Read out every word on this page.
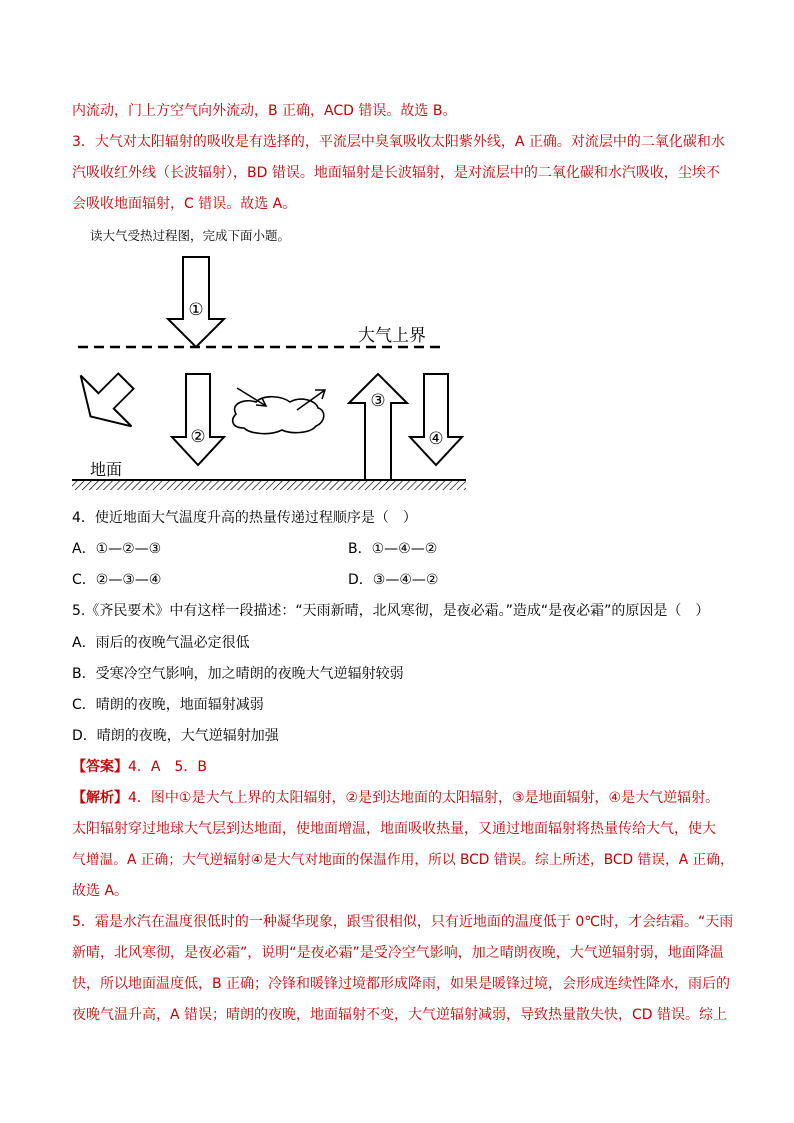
内流动，门上方空气向外流动，B 正确，ACD 错误。故选 B。
3．大气对太阳辐射的吸收是有选择的，平流层中臭氧吸收太阳紫外线，A 正确。对流层中的二氧化碳和水
汽吸收红外线（长波辐射），BD 错误。地面辐射是长波辐射，是对流层中的二氧化碳和水汽吸收，尘埃不
会吸收地面辐射，C 错误。故选 A。
读大气受热过程图，完成下面小题。
大气上界
①
②
③
④
地面
4．使近地面大气温度升高的热量传递过程顺序是（　）
A．①—②—③	B．①—④—②
C．②—③—④	D．③—④—②
5.《齐民要术》中有这样一段描述：“天雨新晴，北风寒彻，是夜必霜。”造成“是夜必霜”的原因是（　）
A．雨后的夜晚气温必定很低
B．受寒冷空气影响，加之晴朗的夜晚大气逆辐射较弱
C．晴朗的夜晚，地面辐射减弱
D．晴朗的夜晚，大气逆辐射加强
【答案】4．A　5．B
【解析】4．图中①是大气上界的太阳辐射，②是到达地面的太阳辐射，③是地面辐射，④是大气逆辐射。
太阳辐射穿过地球大气层到达地面，使地面增温，地面吸收热量，又通过地面辐射将热量传给大气，使大
气增温。A 正确；大气逆辐射④是大气对地面的保温作用，所以 BCD 错误。综上所述，BCD 错误，A 正确，
故选 A。
5．霜是水汽在温度很低时的一种凝华现象，跟雪很相似，只有近地面的温度低于 0℃时，才会结霜。“天雨
新晴，北风寒彻，是夜必霜”，说明“是夜必霜”是受冷空气影响，加之晴朗夜晚，大气逆辐射弱，地面降温
快，所以地面温度低，B 正确；冷锋和暖锋过境都形成降雨，如果是暖锋过境，会形成连续性降水，雨后的
夜晚气温升高，A 错误；晴朗的夜晚，地面辐射不变，大气逆辐射减弱，导致热量散失快，CD 错误。综上
